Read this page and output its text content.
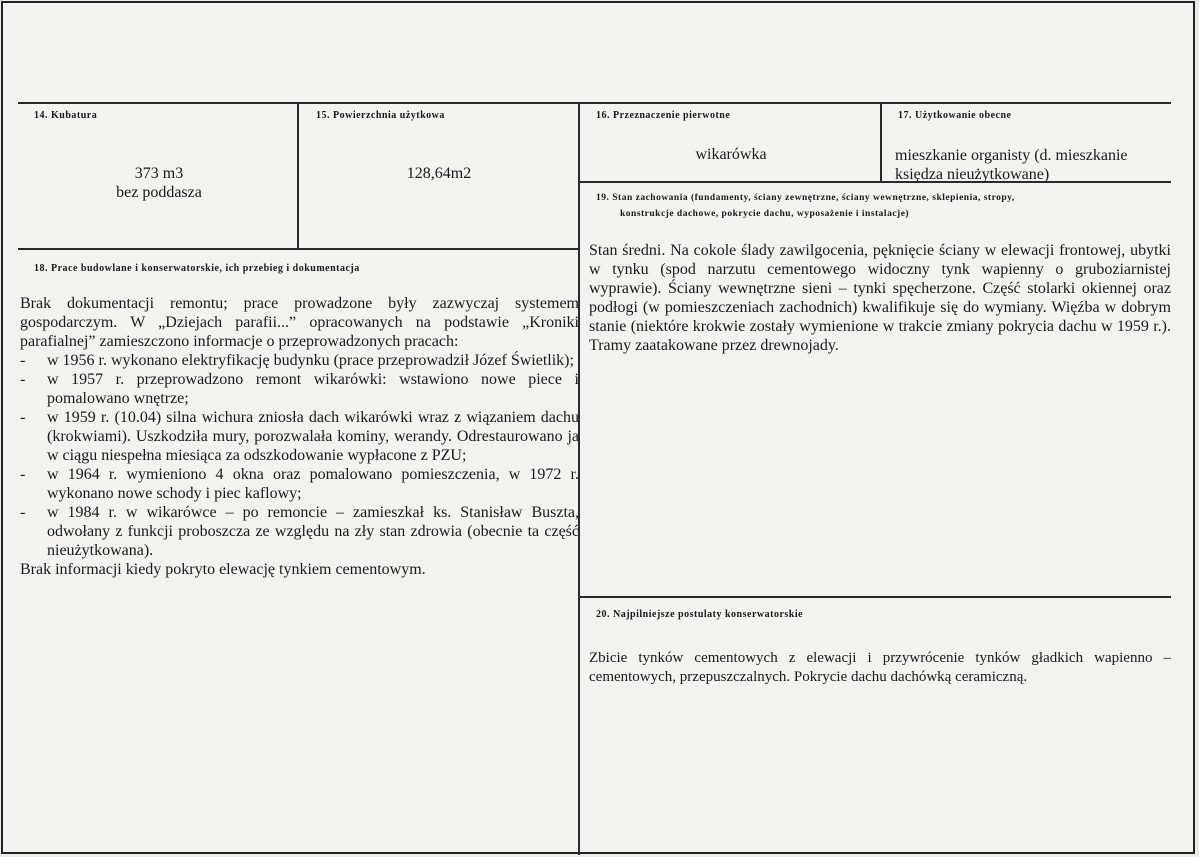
14. Kubatura
373 m3
bez poddasza
15. Powierzchnia użytkowa
128,64m2
16. Przeznaczenie pierwotne
wikarówka
17. Użytkowanie obecne
mieszkanie organisty (d. mieszkanie
księdza nieużytkowane)
18. Prace budowlane i konserwatorskie, ich przebieg i dokumentacja

Brak dokumentacji remontu; prace prowadzone były zazwyczaj systemem gospodarczym. W „Dziejach parafii...” opracowanych na podstawie „Kroniki parafialnej” zamieszczono informacje o przeprowadzonych pracach:

- w 1956 r. wykonano elektryfikację budynku (prace przeprowadził Józef Świetlik);
- w 1957 r. przeprowadzono remont wikarówki: wstawiono nowe piece i pomalowano wnętrze;
- w 1959 r. (10.04) silna wichura zniosła dach wikarówki wraz z wiązaniem dachu (krokwiami). Uszkodziła mury, porozwalała kominy, werandy. Odrestaurowano ja w ciągu niespełna miesiąca za odszkodowanie wypłacone z PZU;
- w 1964 r. wymieniono 4 okna oraz pomalowano pomieszczenia, w 1972 r. wykonano nowe schody i piec kaflowy;
- w 1984 r. w wikarówce – po remoncie – zamieszkał ks. Stanisław Buszta, odwołany z funkcji proboszcza ze względu na zły stan zdrowia (obecnie ta część nieużytkowana).

Brak informacji kiedy pokryto elewację tynkiem cementowym.

19. Stan zachowania (fundamenty, ściany zewnętrzne, ściany wewnętrzne, sklepienia, stropy,
konstrukcje dachowe, pokrycie dachu, wyposażenie i instalacje)
Stan średni. Na cokole ślady zawilgocenia, pęknięcie ściany w elewacji frontowej, ubytki w tynku (spod narzutu cementowego widoczny tynk wapienny o gruboziarnistej wyprawie). Ściany wewnętrzne sieni – tynki spęcherzone. Część stolarki okiennej oraz podłogi (w pomieszczeniach zachodnich) kwalifikuje się do wymiany. Więźba w dobrym stanie (niektóre krokwie zostały wymienione w trakcie zmiany pokrycia dachu w 1959 r.). Tramy zaatakowane przez drewnojady.
20. Najpilniejsze postulaty konserwatorskie
Zbicie tynków cementowych z elewacji i przywrócenie tynków gładkich wapienno – cementowych, przepuszczalnych. Pokrycie dachu dachówką ceramiczną.
